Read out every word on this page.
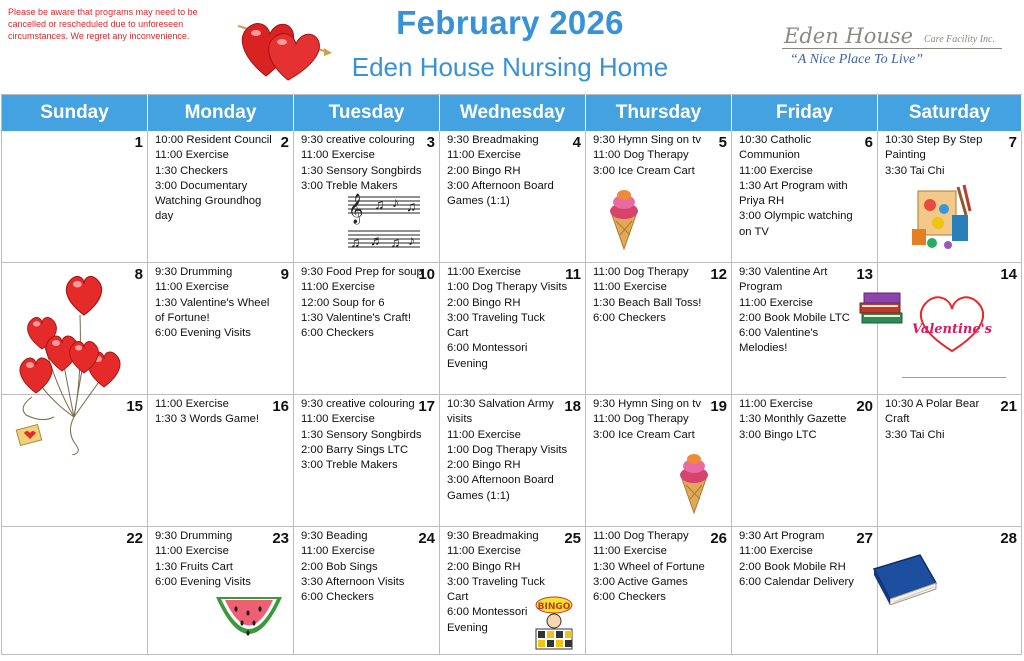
Please be aware that programs may need to be cancelled or rescheduled due to unforeseen circumstances. We regret any inconvenience.	February 2026
Eden House Nursing Home
Eden House Care Facility Inc.
“A Nice Place To Live”
Sunday	Monday	Tuesday	Wednesday	Thursday	Friday	Saturday
1	2
10:00 Resident Council
11:00 Exercise
1:30 Checkers
3:00 Documentary Watching Groundhog day
3
9:30 creative colouring
11:00 Exercise
1:30 Sensory Songbirds
3:00 Treble Makers
4
9:30 Breadmaking
11:00 Exercise
2:00 Bingo RH
3:00 Afternoon Board Games (1:1)
5
9:30 Hymn Sing on tv
11:00 Dog Therapy
3:00 Ice Cream Cart
6
10:30 Catholic Communion
11:00 Exercise
1:30 Art Program with Priya RH
3:00 Olympic watching on TV
7
10:30 Step By Step Painting
3:30 Tai Chi
8	9
9:30 Drumming
11:00 Exercise
1:30 Valentine's Wheel of Fortune!
6:00 Evening Visits
10
9:30 Food Prep for soup
11:00 Exercise
12:00 Soup for 6
1:30 Valentine's Craft!
6:00 Checkers
11
11:00 Exercise
1:00 Dog Therapy Visits
2:00 Bingo RH
3:00 Traveling Tuck Cart
6:00 Montessori Evening
12
11:00 Dog Therapy
11:00 Exercise
1:30 Beach Ball Toss!
6:00 Checkers
13
9:30 Valentine Art Program
11:00 Exercise
2:00 Book Mobile LTC
6:00 Valentine's Melodies!
14
15	16
11:00 Exercise
1:30 3 Words Game!
17
9:30 creative colouring
11:00 Exercise
1:30 Sensory Songbirds
2:00 Barry Sings LTC
3:00 Treble Makers
18
10:30 Salvation Army visits
11:00 Exercise
1:00 Dog Therapy Visits
2:00 Bingo RH
3:00 Afternoon Board Games (1:1)
19
9:30 Hymn Sing on tv
11:00 Dog Therapy
3:00 Ice Cream Cart
20
11:00 Exercise
1:30 Monthly Gazette
3:00 Bingo LTC
21
10:30 A Polar Bear Craft
3:30 Tai Chi
22	23
9:30 Drumming
11:00 Exercise
1:30 Fruits Cart
6:00 Evening Visits
24
9:30 Beading
11:00 Exercise
2:00 Bob Sings
3:30 Afternoon Visits
6:00 Checkers
25
9:30 Breadmaking
11:00 Exercise
2:00 Bingo RH
3:00 Traveling Tuck Cart
6:00 Montessori Evening
26
11:00 Dog Therapy
11:00 Exercise
1:30 Wheel of Fortune
3:00 Active Games
6:00 Checkers
27
9:30 Art Program
11:00 Exercise
2:00 Book Mobile RH
6:00 Calendar Delivery
28
𝄞 ♫ ♪ ♫
♫ ♬ ♫ ♪
Valentine's
BINGO
